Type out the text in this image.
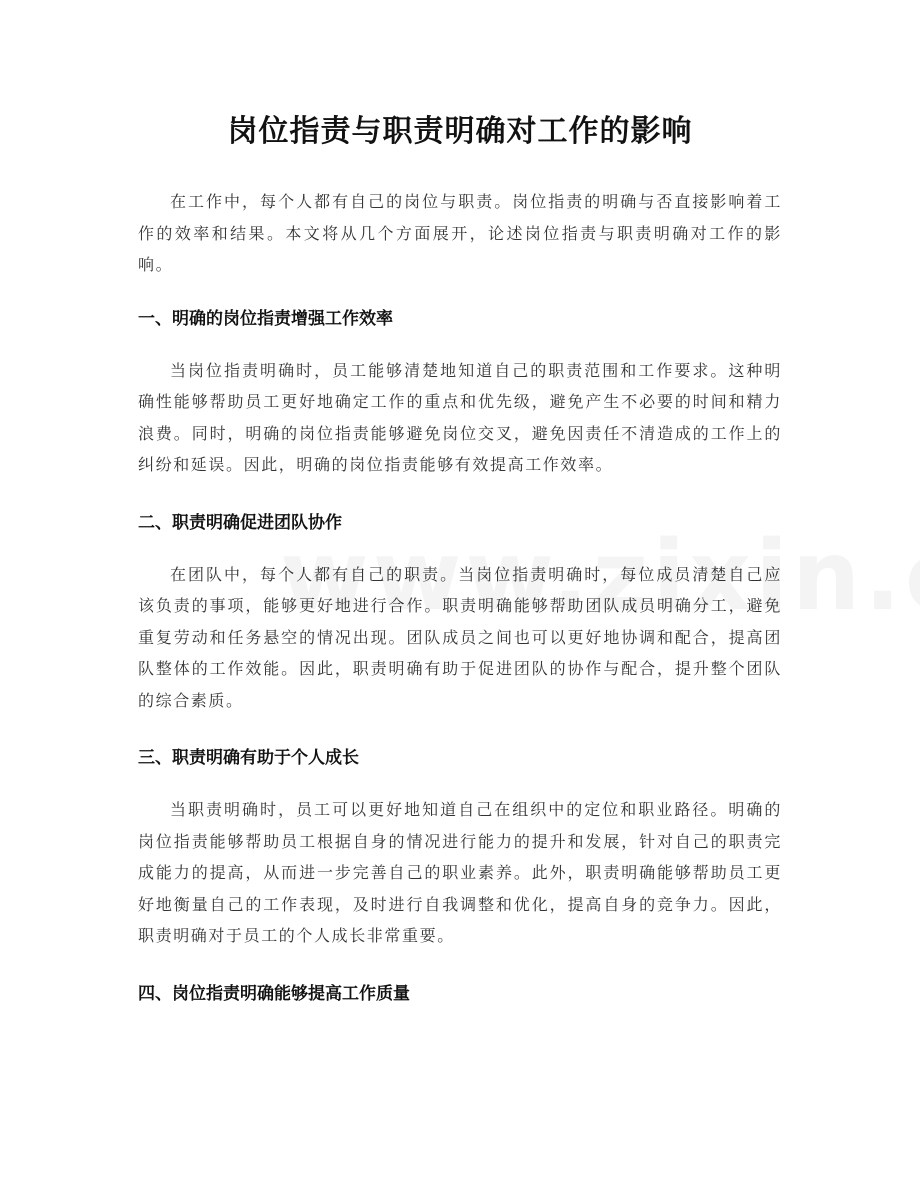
岗位指责与职责明确对工作的影响

在工作中，每个人都有自己的岗位与职责。岗位指责的明确与否直接影响着工作的效率和结果。本文将从几个方面展开，论述岗位指责与职责明确对工作的影响。

一、明确的岗位指责增强工作效率

当岗位指责明确时，员工能够清楚地知道自己的职责范围和工作要求。这种明确性能够帮助员工更好地确定工作的重点和优先级，避免产生不必要的时间和精力浪费。同时，明确的岗位指责能够避免岗位交叉，避免因责任不清造成的工作上的纠纷和延误。因此，明确的岗位指责能够有效提高工作效率。

二、职责明确促进团队协作

在团队中，每个人都有自己的职责。当岗位指责明确时，每位成员清楚自己应该负责的事项，能够更好地进行合作。职责明确能够帮助团队成员明确分工，避免重复劳动和任务悬空的情况出现。团队成员之间也可以更好地协调和配合，提高团队整体的工作效能。因此，职责明确有助于促进团队的协作与配合，提升整个团队的综合素质。

三、职责明确有助于个人成长

当职责明确时，员工可以更好地知道自己在组织中的定位和职业路径。明确的岗位指责能够帮助员工根据自身的情况进行能力的提升和发展，针对自己的职责完成能力的提高，从而进一步完善自己的职业素养。此外，职责明确能够帮助员工更好地衡量自己的工作表现，及时进行自我调整和优化，提高自身的竞争力。因此，职责明确对于员工的个人成长非常重要。

四、岗位指责明确能够提高工作质量
